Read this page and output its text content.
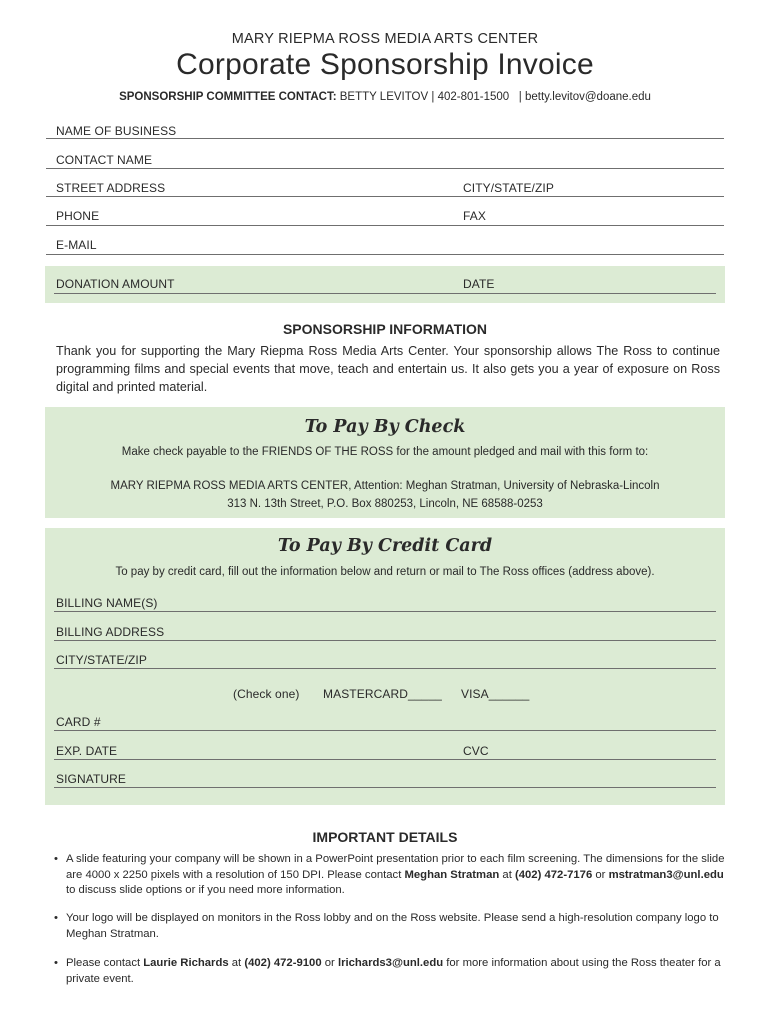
MARY RIEPMA ROSS MEDIA ARTS CENTER
Corporate Sponsorship Invoice
SPONSORSHIP COMMITTEE CONTACT: BETTY LEVITOV | 402-801-1500 | betty.levitov@doane.edu
NAME OF BUSINESS
CONTACT NAME
STREET ADDRESS	CITY/STATE/ZIP
PHONE	FAX
E-MAIL
DONATION AMOUNT	DATE
SPONSORSHIP INFORMATION
Thank you for supporting the Mary Riepma Ross Media Arts Center. Your sponsorship allows The Ross to continue programming films and special events that move, teach and entertain us. It also gets you a year of exposure on Ross digital and printed material.
To Pay By Check
Make check payable to the FRIENDS OF THE ROSS for the amount pledged and mail with this form to:
MARY RIEPMA ROSS MEDIA ARTS CENTER, Attention: Meghan Stratman, University of Nebraska-Lincoln
313 N. 13th Street, P.O. Box 880253, Lincoln, NE 68588-0253
To Pay By Credit Card
To pay by credit card, fill out the information below and return or mail to The Ross offices (address above).
BILLING NAME(S)
BILLING ADDRESS
CITY/STATE/ZIP
(Check one) MASTERCARD_____ VISA______
CARD #
EXP. DATE	CVC
SIGNATURE
IMPORTANT DETAILS
• A slide featuring your company will be shown in a PowerPoint presentation prior to each film screening. The dimensions for the slide are 4000 x 2250 pixels with a resolution of 150 DPI. Please contact Meghan Stratman at (402) 472-7176 or mstratman3@unl.edu to discuss slide options or if you need more information.
• Your logo will be displayed on monitors in the Ross lobby and on the Ross website. Please send a high-resolution company logo to Meghan Stratman.
• Please contact Laurie Richards at (402) 472-9100 or lrichards3@unl.edu for more information about using the Ross theater for a private event.
